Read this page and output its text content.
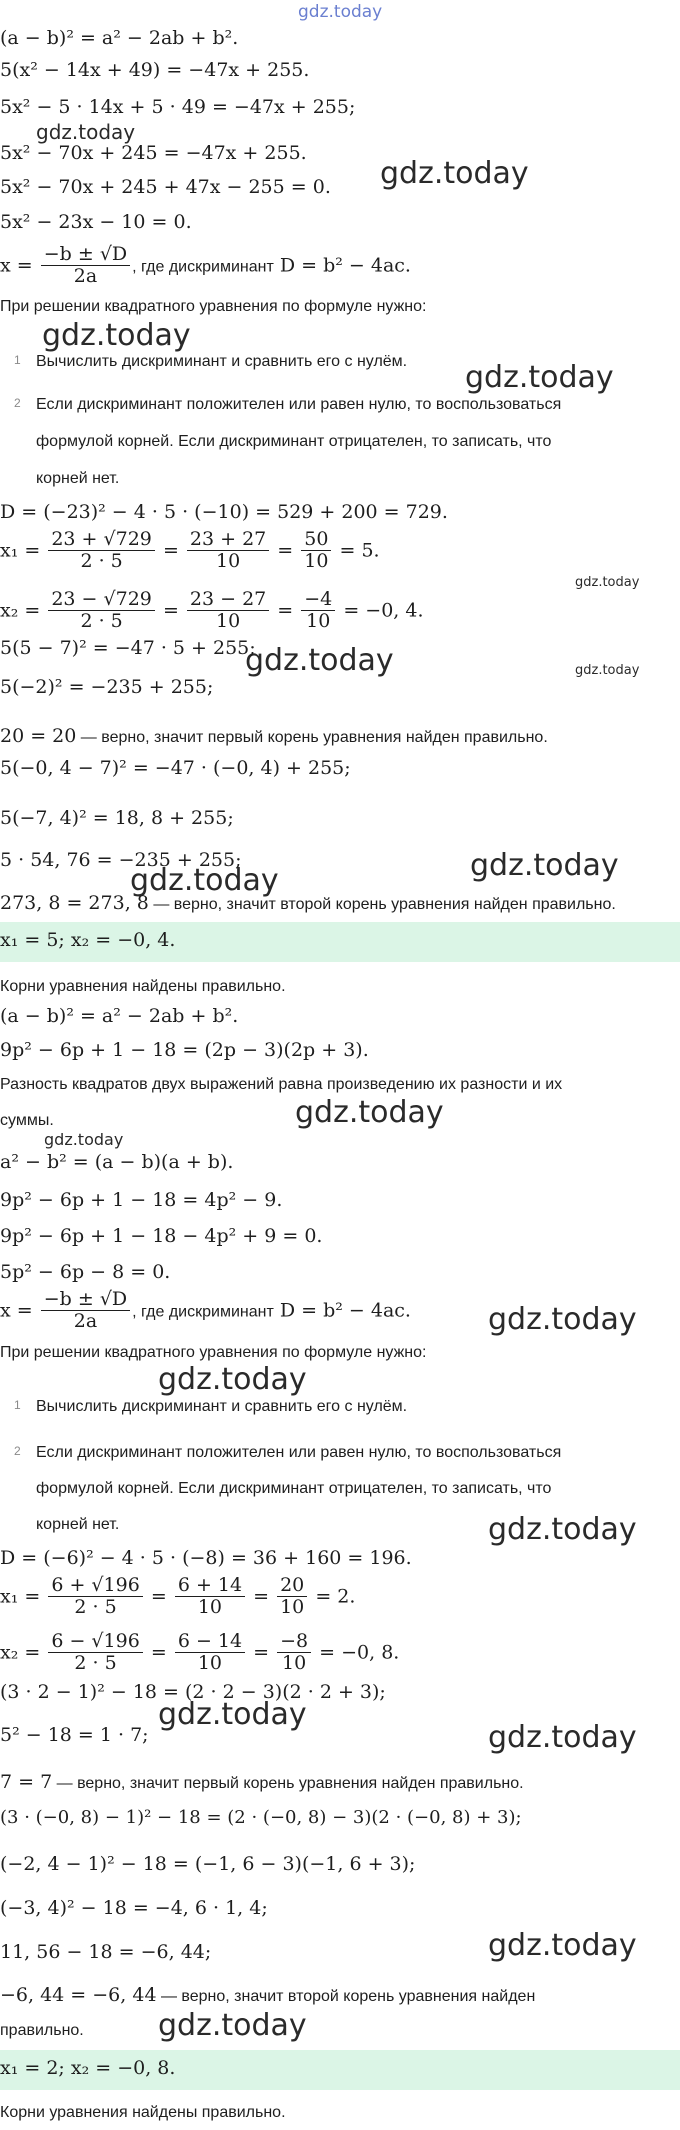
gdz.today
gdz.today
gdz.today
gdz.today
gdz.today
gdz.today
gdz.today	gdz.today
gdz.today
gdz.today
gdz.today
gdz.today
gdz.today
gdz.today
gdz.today
gdz.today
gdz.today
gdz.today
gdz.today
(a − b)² = a² − 2ab + b².
5(x² − 14x + 49) = −47x + 255.
5x² − 5 · 14x + 5 · 49 = −47x + 255;
5x² − 70x + 245 = −47x + 255.
5x² − 70x + 245 + 47x − 255 = 0.
5x² − 23x − 10 = 0.
$x = \frac{-b \pm √D}{2a}$ , где дискриминант D = b² − 4ac.
При решении квадратного уравнения по формуле нужно:
1 Вычислить дискриминант и сравнить его с нулём.
2 Если дискриминант положителен или равен нулю, то воспользоваться
формулой корней. Если дискриминант отрицателен, то записать, что
корней нет.
D = (−23)² − 4 · 5 · (−10) = 529 + 200 = 729.
$x_1 = \frac{23 + √729}{2 \cdot 5} = \frac{23 + 27}{10} = \frac{50}{10} = 5$.
$x_2 = \frac{23 - √729}{2 \cdot 5} = \frac{23 - 27}{10} = \frac{-4}{10} = -0$, 4.
5(5 − 7)² = −47 · 5 + 255;
5(−2)² = −235 + 255;
20 = 20 — верно, значит первый корень уравнения найден правильно.
5(−0, 4 − 7)² = −47 · (−0, 4) + 255;
5(−7, 4)² = 18, 8 + 255;
5 · 54, 76 = −235 + 255;
273, 8 = 273, 8 — верно, значит второй корень уравнения найден правильно.
x₁ = 5; x₂ = −0, 4.
Корни уравнения найдены правильно.
(a − b)² = a² − 2ab + b².
9p² − 6p + 1 − 18 = (2p − 3)(2p + 3).
Разность квадратов двух выражений равна произведению их разности и их
суммы.
a² − b² = (a − b)(a + b).
9p² − 6p + 1 − 18 = 4p² − 9.
9p² − 6p + 1 − 18 − 4p² + 9 = 0.
5p² − 6p − 8 = 0.
$x = \frac{-b \pm √D}{2a}$ , где дискриминант D = b² − 4ac.
При решении квадратного уравнения по формуле нужно:
1 Вычислить дискриминант и сравнить его с нулём.
2 Если дискриминант положителен или равен нулю, то воспользоваться
формулой корней. Если дискриминант отрицателен, то записать, что
корней нет.
D = (−6)² − 4 · 5 · (−8) = 36 + 160 = 196.
$x_1 = \frac{6 + √196}{2 \cdot 5} = \frac{6 + 14}{10} = \frac{20}{10} = 2$.
$x_2 = \frac{6 - √196}{2 \cdot 5} = \frac{6 - 14}{10} = \frac{-8}{10} = -0$, 8.
(3 · 2 − 1)² − 18 = (2 · 2 − 3)(2 · 2 + 3);
5² − 18 = 1 · 7;
7 = 7 — верно, значит первый корень уравнения найден правильно.
(3 · (−0, 8) − 1)² − 18 = (2 · (−0, 8) − 3)(2 · (−0, 8) + 3);
(−2, 4 − 1)² − 18 = (−1, 6 − 3)(−1, 6 + 3);
(−3, 4)² − 18 = −4, 6 · 1, 4;
11, 56 − 18 = −6, 44;
−6, 44 = −6, 44 — верно, значит второй корень уравнения найден
правильно.
x₁ = 2; x₂ = −0, 8.
Корни уравнения найдены правильно.
